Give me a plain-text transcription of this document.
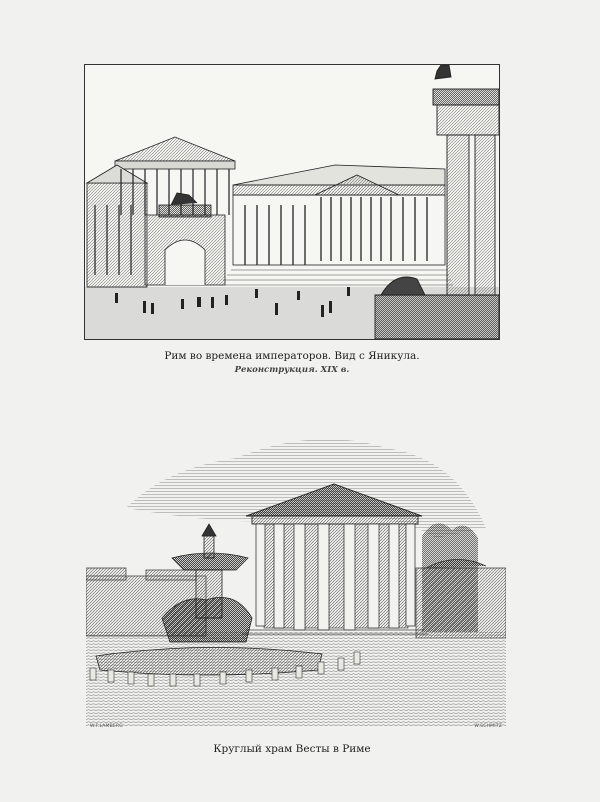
Рим во времена императоров. Вид с Яникула.
Реконструкция. XIX в.
W.F.LAMBERG	W.SCHMITZ
Круглый храм Весты в Риме
